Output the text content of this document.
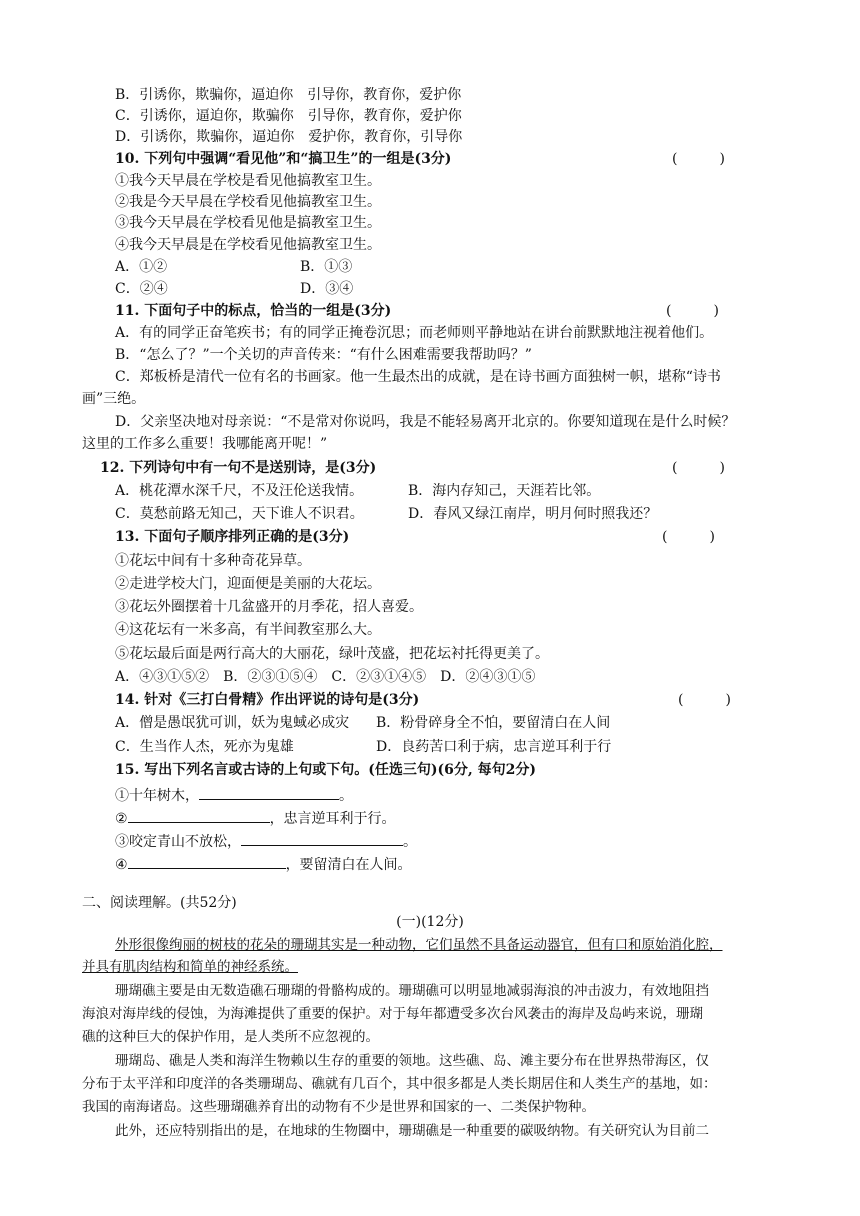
B．引诱你，欺骗你，逼迫你　引导你，教育你，爱护你
C．引诱你，逼迫你，欺骗你　引导你，教育你，爱护你
D．引诱你，欺骗你，逼迫你　爱护你，教育你，引导你
10. 下列句中强调“看见他”和“搞卫生”的一组是(3分)	(　　　)
①我今天早晨在学校是看见他搞教室卫生。
②我是今天早晨在学校看见他搞教室卫生。
③我今天早晨在学校看见他是搞教室卫生。
④我今天早晨是在学校看见他搞教室卫生。
A．①②	B．①③
C．②④	D．③④
11. 下面句子中的标点，恰当的一组是(3分)	(　　　)
A．有的同学正奋笔疾书；有的同学正掩卷沉思；而老师则平静地站在讲台前默默地注视着他们。
B．“怎么了？”一个关切的声音传来：“有什么困难需要我帮助吗？”
C．郑板桥是清代一位有名的书画家。他一生最杰出的成就，是在诗书画方面独树一帜，堪称“诗书
画”三绝。
D．父亲坚决地对母亲说：“不是常对你说吗，我是不能轻易离开北京的。你要知道现在是什么时候？
这里的工作多么重要！我哪能离开呢！”
12. 下列诗句中有一句不是送别诗，是(3分)	(　　　)
A．桃花潭水深千尺，不及汪伦送我情。	B．海内存知己，天涯若比邻。
C．莫愁前路无知己，天下谁人不识君。	D．春风又绿江南岸，明月何时照我还？
13. 下面句子顺序排列正确的是(3分)	(　　　)
①花坛中间有十多种奇花异草。
②走进学校大门，迎面便是美丽的大花坛。
③花坛外圈摆着十几盆盛开的月季花，招人喜爱。
④这花坛有一米多高，有半间教室那么大。
⑤花坛最后面是两行高大的大丽花，绿叶茂盛，把花坛衬托得更美了。
A．④③①⑤②　B．②③①⑤④　C．②③①④⑤　D．②④③①⑤
14. 针对《三打白骨精》作出评说的诗句是(3分)	(　　　)
A．僧是愚氓犹可训，妖为鬼蜮必成灾 B．粉骨碎身全不怕，要留清白在人间
C．生当作人杰，死亦为鬼雄	D．良药苦口利于病，忠言逆耳利于行
15. 写出下列名言或古诗的上句或下句。(任选三句)(6分, 每句2分)
①十年树木，	。
②	，忠言逆耳利于行。
③咬定青山不放松，	。
④	，要留清白在人间。
二、阅读理解。(共52分)
(一)(12分)
外形很像绚丽的树枝的花朵的珊瑚其实是一种动物，它们虽然不具备运动器官，但有口和原始消化腔，
并具有肌肉结构和简单的神经系统。
珊瑚礁主要是由无数造礁石珊瑚的骨骼构成的。珊瑚礁可以明显地减弱海浪的冲击波力，有效地阻挡
海浪对海岸线的侵蚀，为海滩提供了重要的保护。对于每年都遭受多次台风袭击的海岸及岛屿来说，珊瑚
礁的这种巨大的保护作用，是人类所不应忽视的。
珊瑚岛、礁是人类和海洋生物赖以生存的重要的领地。这些礁、岛、滩主要分布在世界热带海区，仅
分布于太平洋和印度洋的各类珊瑚岛、礁就有几百个，其中很多都是人类长期居住和人类生产的基地，如：
我国的南海诸岛。这些珊瑚礁养育出的动物有不少是世界和国家的一、二类保护物种。
此外，还应特别指出的是，在地球的生物圈中，珊瑚礁是一种重要的碳吸纳物。有关研究认为目前二
